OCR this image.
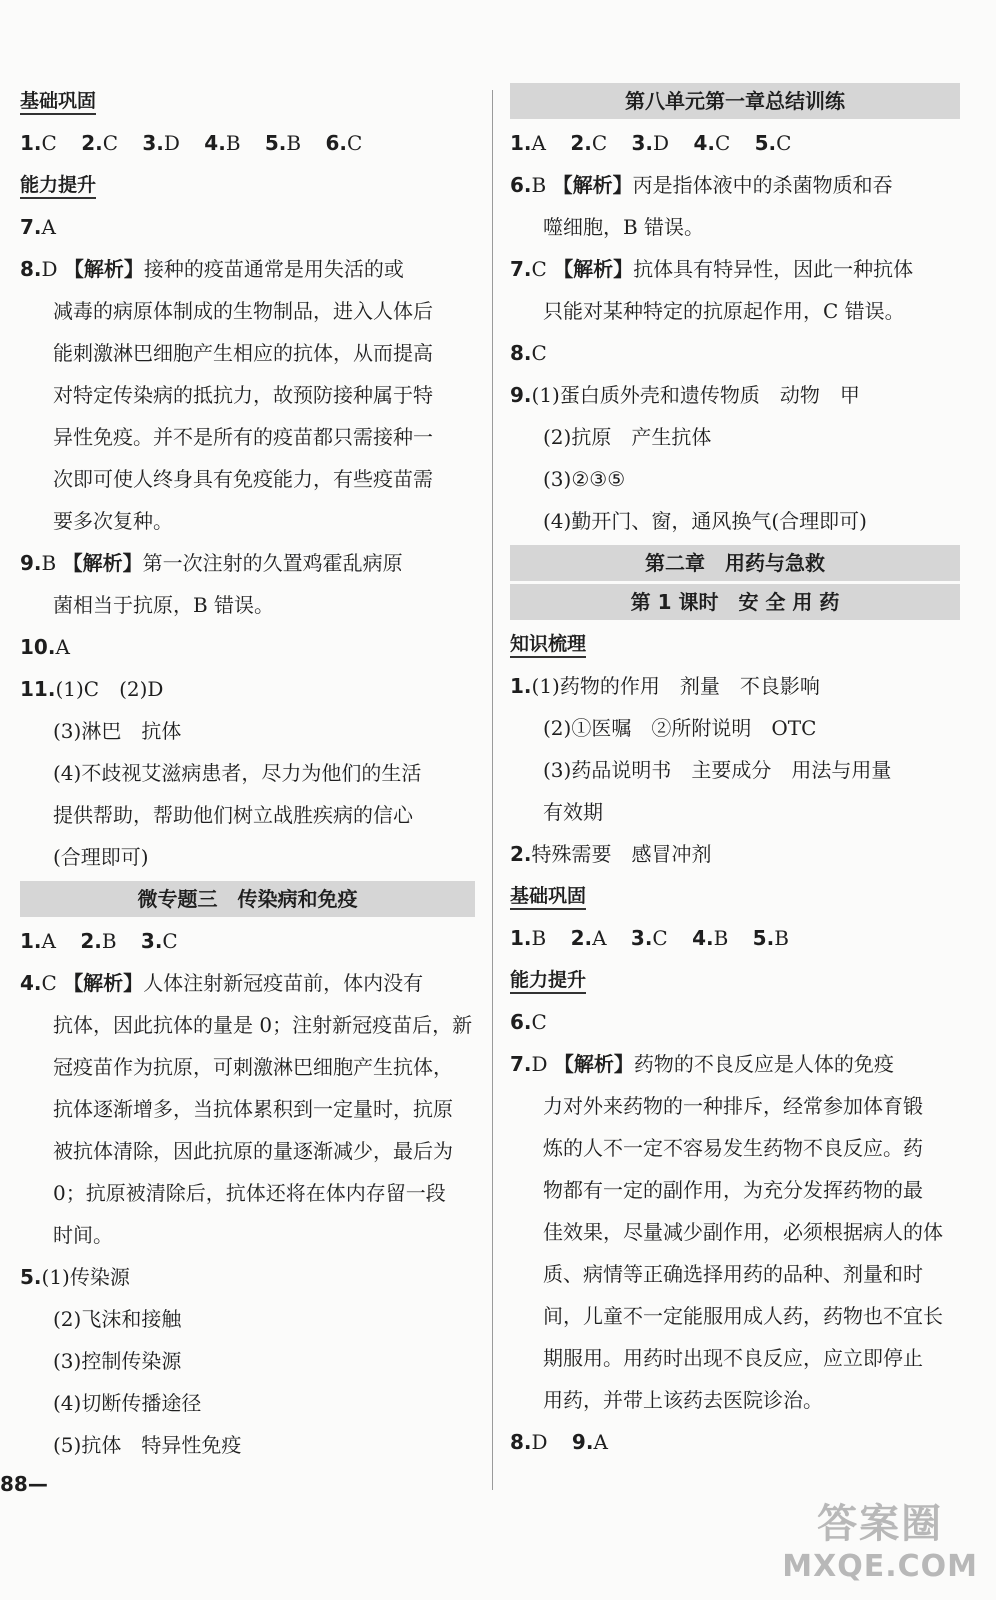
基础巩固
1.C 2.C 3.D 4.B 5.B 6.C
能力提升
7.A
8.D 【解析】接种的疫苗通常是用失活的或
减毒的病原体制成的生物制品，进入人体后
能刺激淋巴细胞产生相应的抗体，从而提高
对特定传染病的抵抗力，故预防接种属于特
异性免疫。并不是所有的疫苗都只需接种一
次即可使人终身具有免疫能力，有些疫苗需
要多次复种。
9.B 【解析】第一次注射的久置鸡霍乱病原
菌相当于抗原，B 错误。
10.A
11.(1)C　(2)D
(3)淋巴　抗体
(4)不歧视艾滋病患者，尽力为他们的生活
提供帮助，帮助他们树立战胜疾病的信心
(合理即可)
微专题三　传染病和免疫
1.A 2.B 3.C
4.C 【解析】人体注射新冠疫苗前，体内没有
抗体，因此抗体的量是 0；注射新冠疫苗后，新
冠疫苗作为抗原，可刺激淋巴细胞产生抗体，
抗体逐渐增多，当抗体累积到一定量时，抗原
被抗体清除，因此抗原的量逐渐减少，最后为
0；抗原被清除后，抗体还将在体内存留一段
时间。
5.(1)传染源
(2)飞沫和接触
(3)控制传染源
(4)切断传播途径
(5)抗体　特异性免疫
第八单元第一章总结训练
1.A 2.C 3.D 4.C 5.C
6.B 【解析】丙是指体液中的杀菌物质和吞
噬细胞，B 错误。
7.C 【解析】抗体具有特异性，因此一种抗体
只能对某种特定的抗原起作用，C 错误。
8.C
9.(1)蛋白质外壳和遗传物质　动物　甲
(2)抗原　产生抗体
(3)②③⑤
(4)勤开门、窗，通风换气(合理即可)
第二章　用药与急救
第 1 课时　安 全 用 药
知识梳理
1.(1)药物的作用　剂量　不良影响
(2)①医嘱　②所附说明　OTC
(3)药品说明书　主要成分　用法与用量
有效期
2.特殊需要　感冒冲剂
基础巩固
1.B 2.A 3.C 4.B 5.B
能力提升
6.C
7.D 【解析】药物的不良反应是人体的免疫
力对外来药物的一种排斥，经常参加体育锻
炼的人不一定不容易发生药物不良反应。药
物都有一定的副作用，为充分发挥药物的最
佳效果，尽量减少副作用，必须根据病人的体
质、病情等正确选择用药的品种、剂量和时
间，儿童不一定能服用成人药，药物也不宜长
期服用。用药时出现不良反应，应立即停止
用药，并带上该药去医院诊治。
8.D 9.A
88—
答案圈
MXQE.COM
